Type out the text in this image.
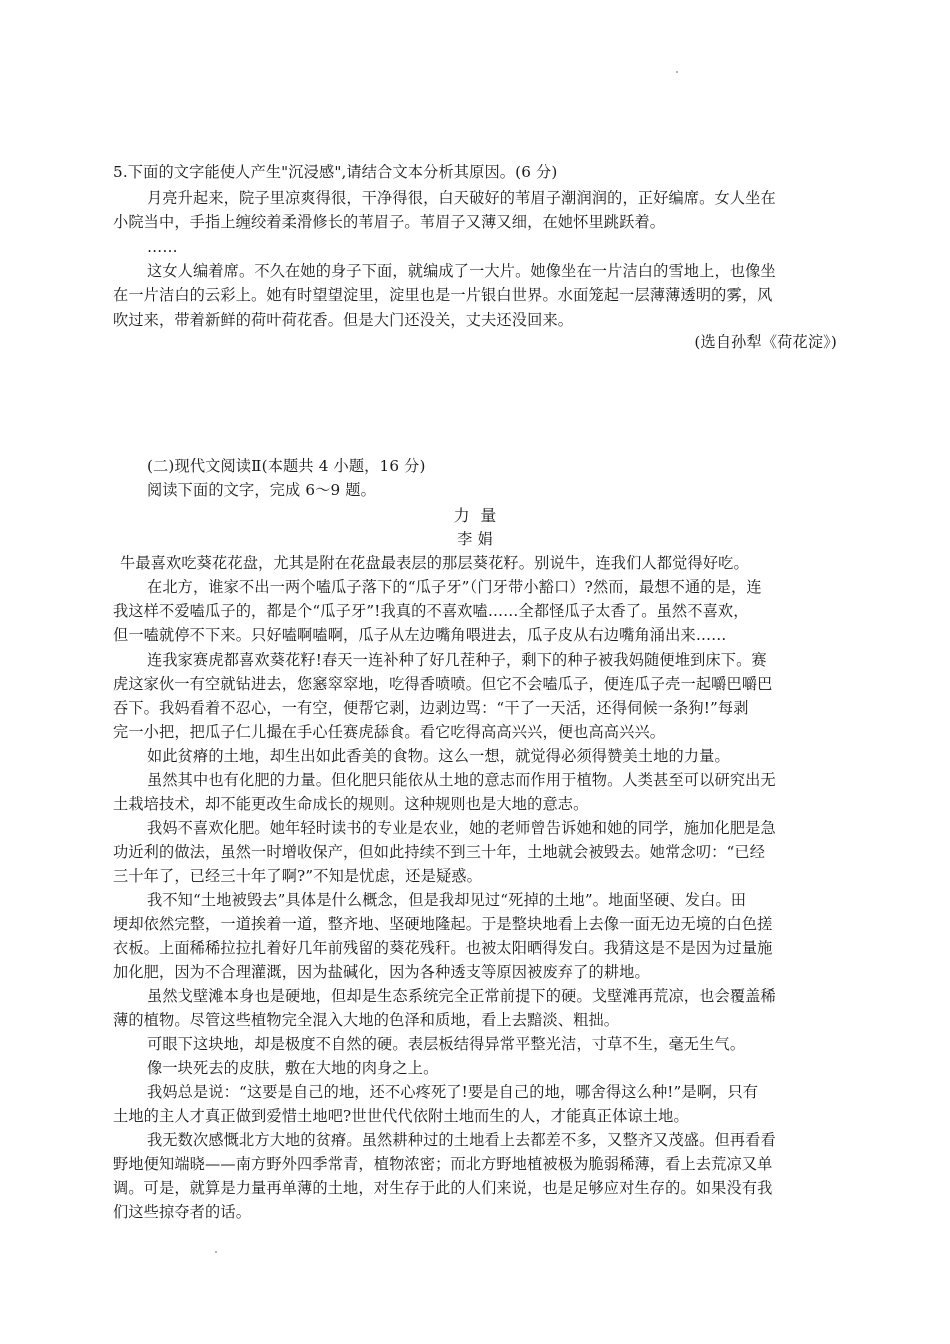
5.下面的文字能使人产生"沉浸感",请结合文本分析其原因。(6 分)
月亮升起来，院子里凉爽得很，干净得很，白天破好的苇眉子潮润润的，正好编席。女人坐在
小院当中，手指上缠绞着柔滑修长的苇眉子。苇眉子又薄又细，在她怀里跳跃着。
……
这女人编着席。不久在她的身子下面，就编成了一大片。她像坐在一片洁白的雪地上，也像坐
在一片洁白的云彩上。她有时望望淀里，淀里也是一片银白世界。水面笼起一层薄薄透明的雾，风
吹过来，带着新鲜的荷叶荷花香。但是大门还没关，丈夫还没回来。
(选自孙犁《荷花淀》)
(二)现代文阅读Ⅱ(本题共 4 小题，16 分)
阅读下面的文字，完成 6～9 题。
力  量
李 娟
牛最喜欢吃葵花花盘，尤其是附在花盘最表层的那层葵花籽。别说牛，连我们人都觉得好吃。
在北方，谁家不出一两个嗑瓜子落下的“瓜子牙”（门牙带小豁口）?然而，最想不通的是，连
我这样不爱嗑瓜子的，都是个“瓜子牙”!我真的不喜欢嗑……全都怪瓜子太香了。虽然不喜欢，
但一嗑就停不下来。只好嗑啊嗑啊，瓜子从左边嘴角喂进去，瓜子皮从右边嘴角涌出来……
连我家赛虎都喜欢葵花籽!春天一连补种了好几茬种子，剩下的种子被我妈随便堆到床下。赛
虎这家伙一有空就钻进去，您窸窣窣地，吃得香喷喷。但它不会嗑瓜子，便连瓜子壳一起嚼巴嚼巴
吞下。我妈看着不忍心，一有空，便帮它剥，边剥边骂：“干了一天活，还得伺候一条狗!”每剥
完一小把，把瓜子仁儿撮在手心任赛虎舔食。看它吃得高高兴兴，便也高高兴兴。
如此贫瘠的土地，却生出如此香美的食物。这么一想，就觉得必须得赞美土地的力量。
虽然其中也有化肥的力量。但化肥只能依从土地的意志而作用于植物。人类甚至可以研究出无
土栽培技术，却不能更改生命成长的规则。这种规则也是大地的意志。
我妈不喜欢化肥。她年轻时读书的专业是农业，她的老师曾告诉她和她的同学，施加化肥是急
功近利的做法，虽然一时增收保产，但如此持续不到三十年，土地就会被毁去。她常念叨：“已经
三十年了，已经三十年了啊?”不知是忧虑，还是疑惑。
我不知“土地被毁去”具体是什么概念，但是我却见过“死掉的土地”。地面坚硬、发白。田
埂却依然完整，一道挨着一道，整齐地、坚硬地隆起。于是整块地看上去像一面无边无境的白色搓
衣板。上面稀稀拉拉扎着好几年前残留的葵花残秆。也被太阳晒得发白。我猜这是不是因为过量施
加化肥，因为不合理灌溉，因为盐碱化，因为各种透支等原因被废弃了的耕地。
虽然戈壁滩本身也是硬地，但却是生态系统完全正常前提下的硬。戈壁滩再荒凉，也会覆盖稀
薄的植物。尽管这些植物完全混入大地的色泽和质地，看上去黯淡、粗拙。
可眼下这块地，却是极度不自然的硬。表层板结得异常平整光洁，寸草不生，毫无生气。
像一块死去的皮肤，敷在大地的肉身之上。
我妈总是说：“这要是自己的地，还不心疼死了!要是自己的地，哪舍得这么种!”是啊，只有
土地的主人才真正做到爱惜土地吧?世世代代依附土地而生的人，才能真正体谅土地。
我无数次感慨北方大地的贫瘠。虽然耕种过的土地看上去都差不多，又整齐又茂盛。但再看看
野地便知端晓——南方野外四季常青，植物浓密；而北方野地植被极为脆弱稀薄，看上去荒凉又单
调。可是，就算是力量再单薄的土地，对生存于此的人们来说，也是足够应对生存的。如果没有我
们这些掠夺者的话。
